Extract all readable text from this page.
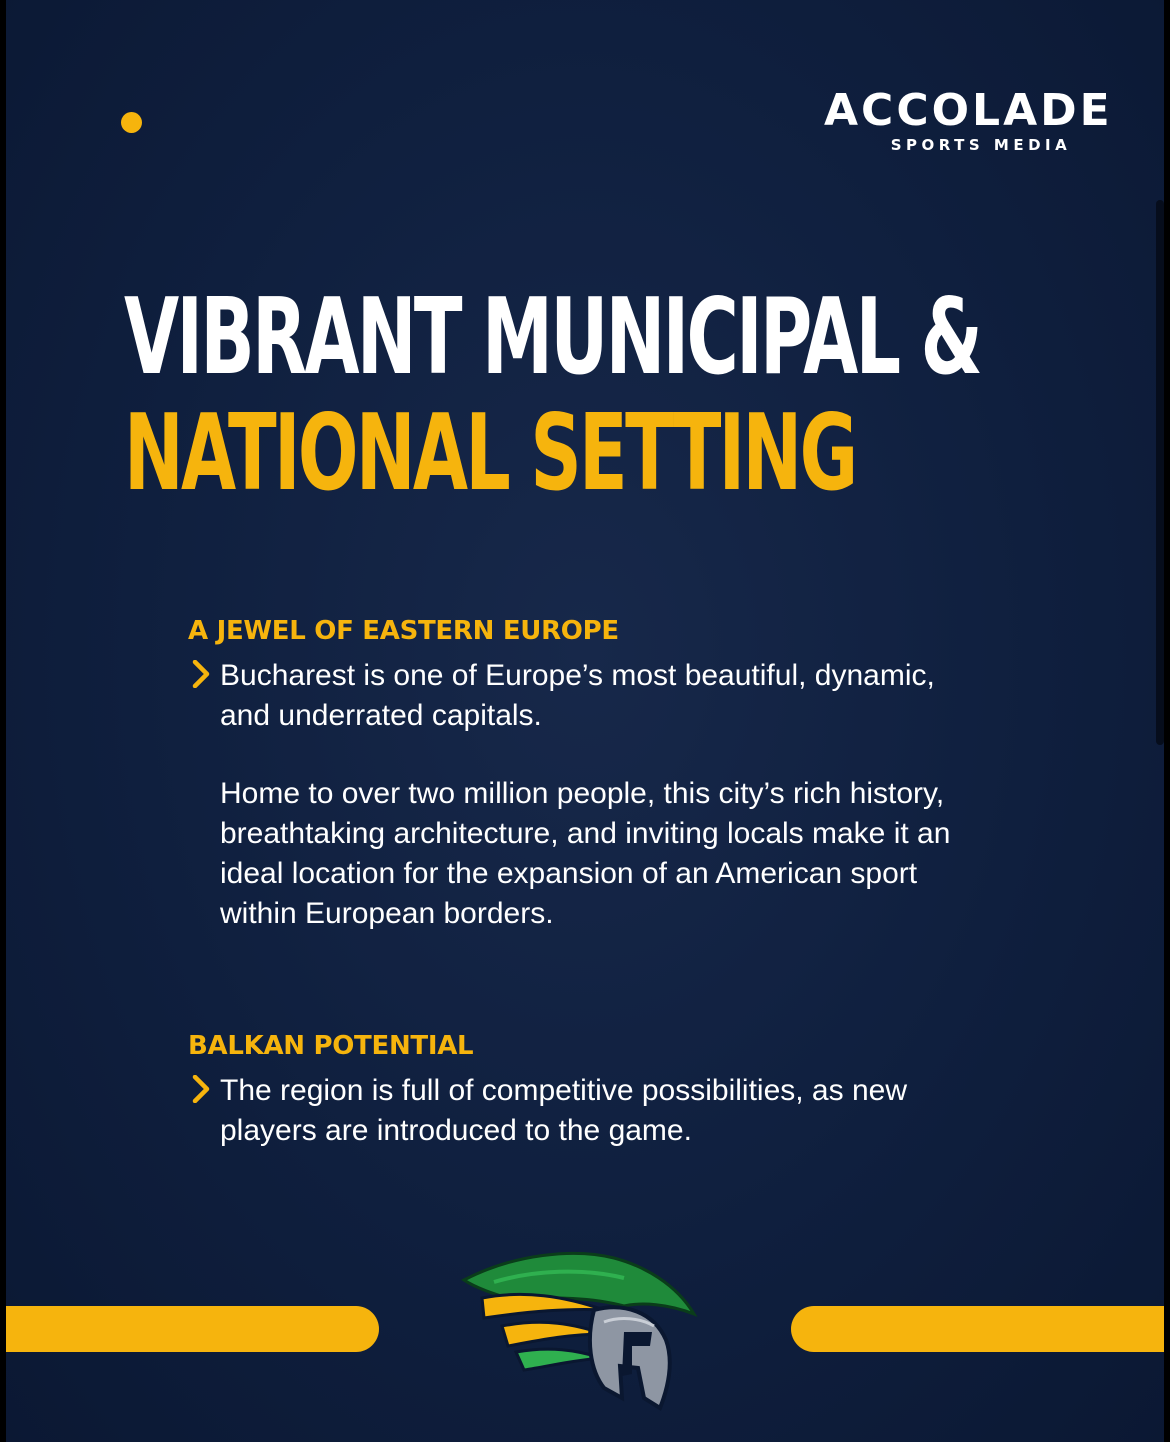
ACCOLADE
SPORTS MEDIA
VIBRANT MUNICIPAL &
NATIONAL SETTING
A JEWEL OF EASTERN EUROPE

Bucharest is one of Europe’s most beautiful, dynamic, and underrated capitals.

Home to over two million people, this city’s rich history, breathtaking architecture, and inviting locals make it an ideal location for the expansion of an American sport within European borders.

BALKAN POTENTIAL

The region is full of competitive possibilities, as new players are introduced to the game.
